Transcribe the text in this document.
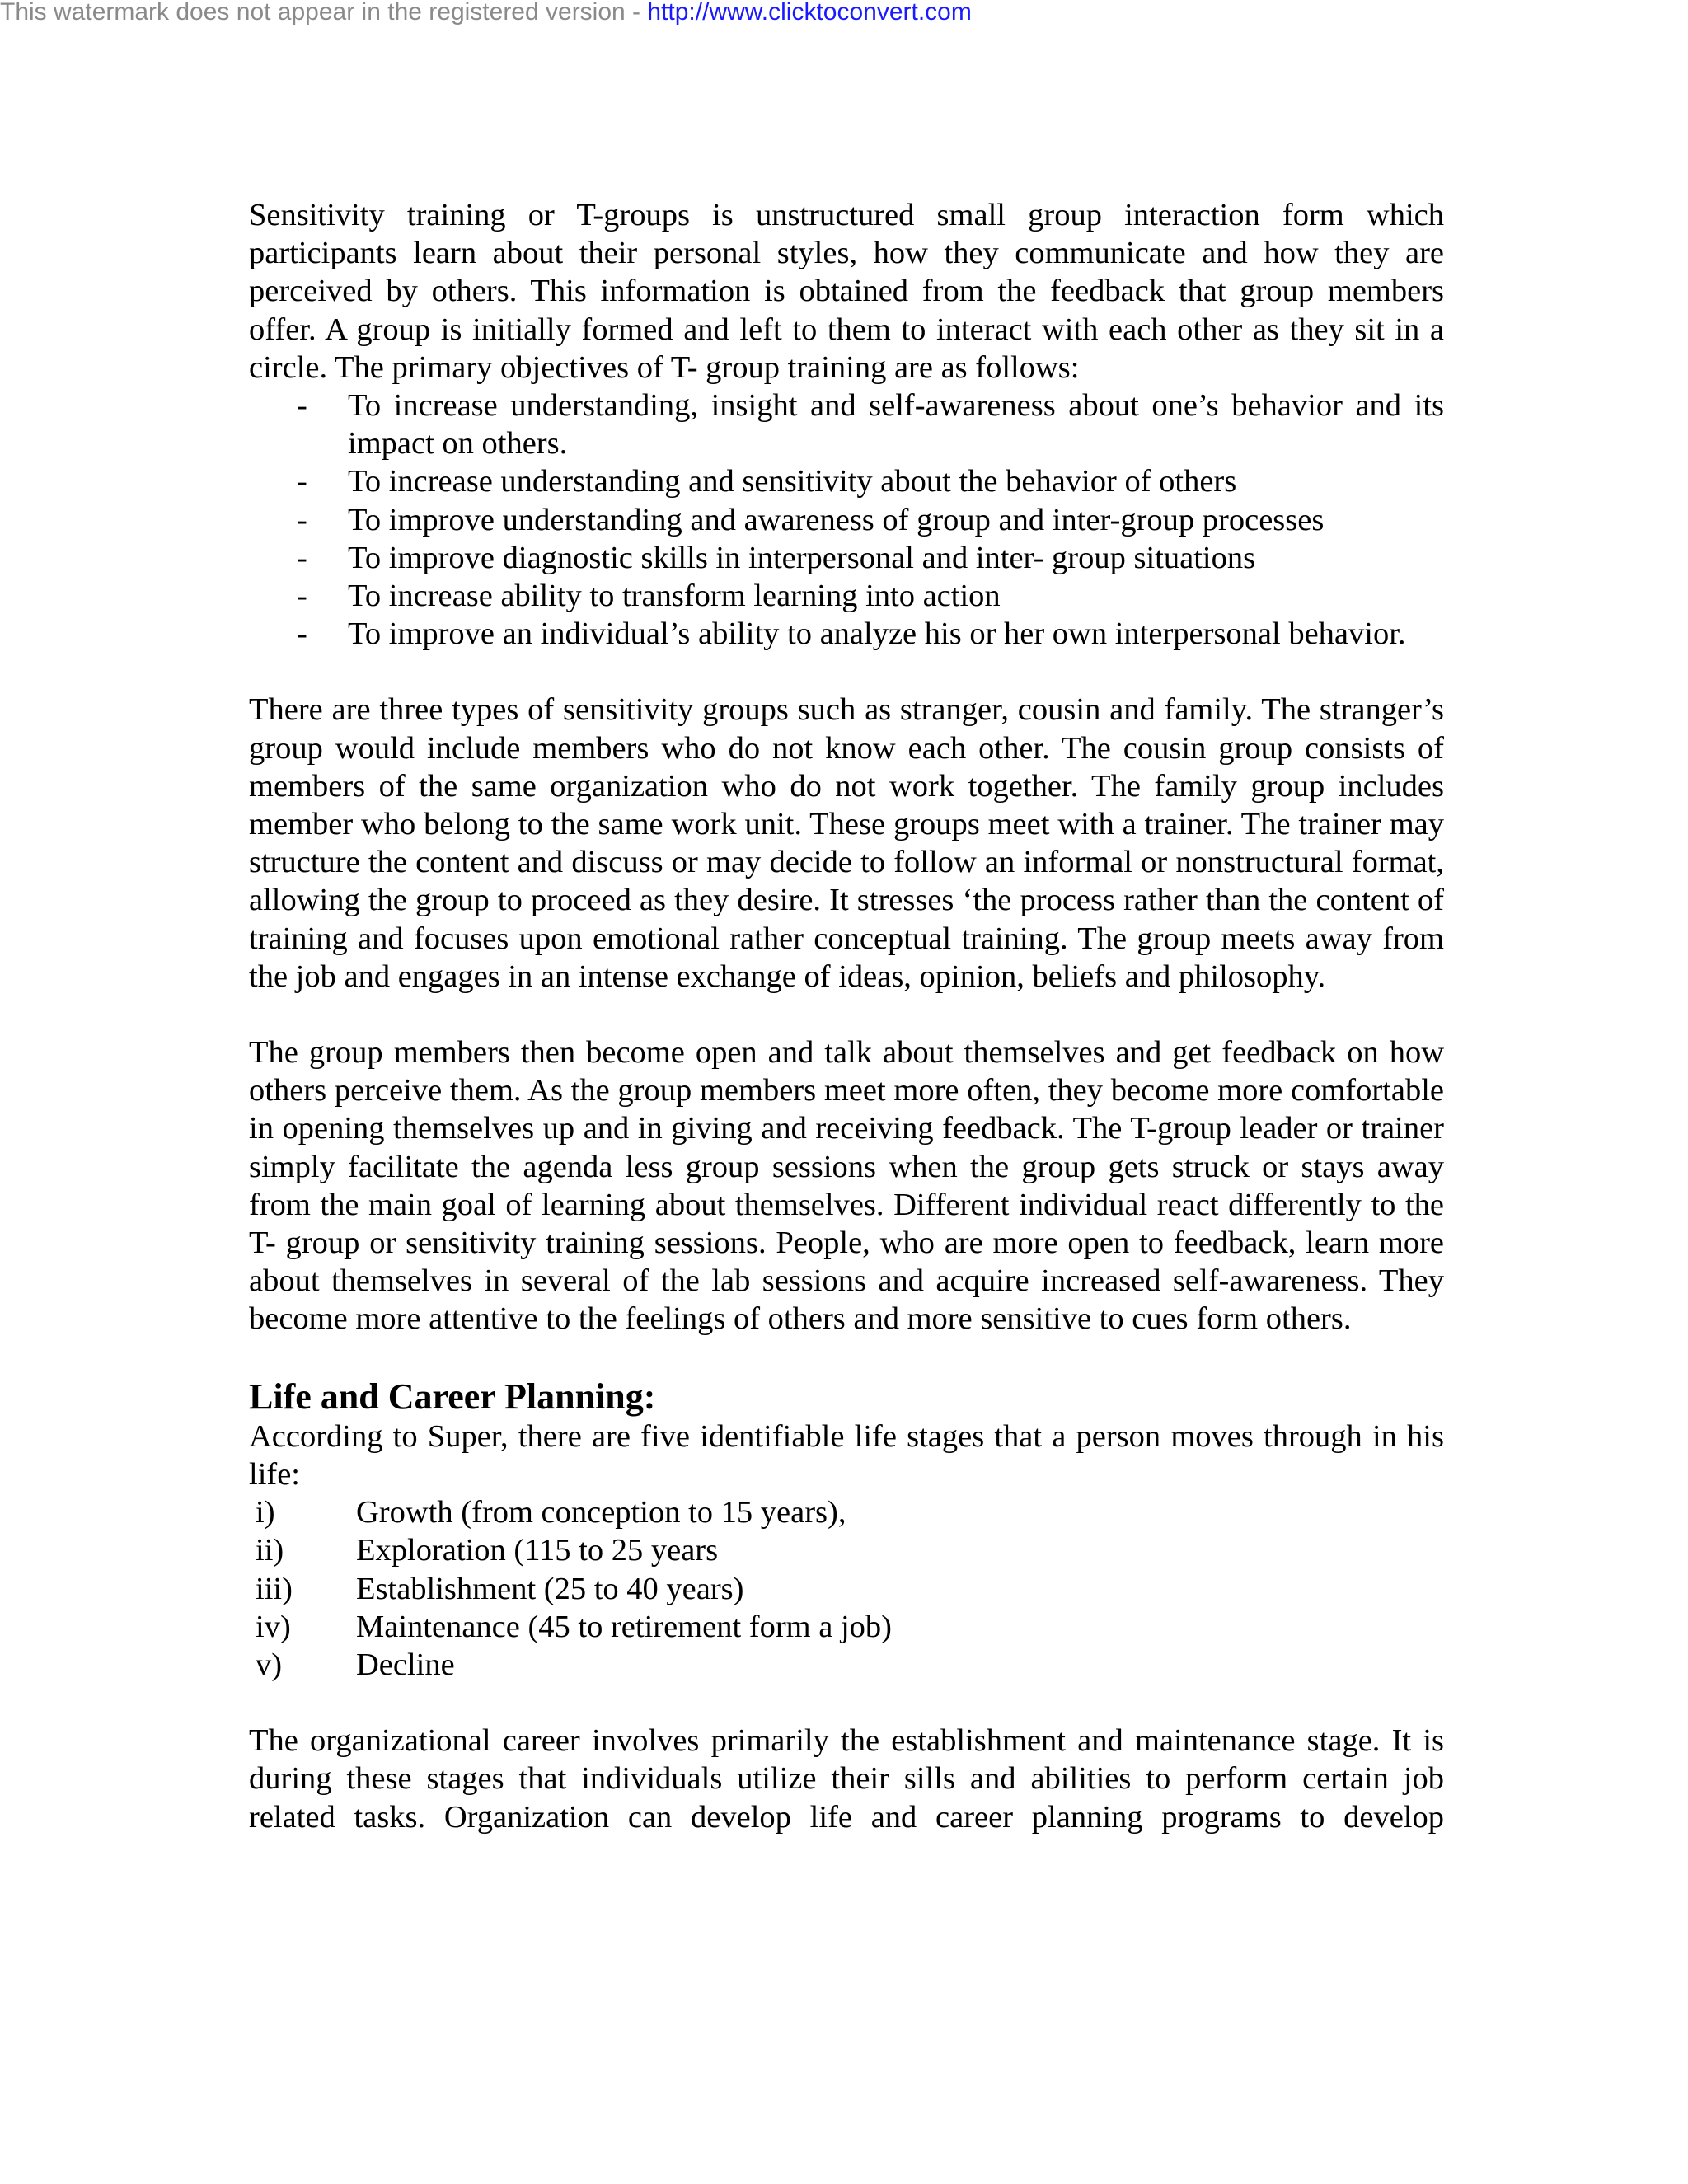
This watermark does not appear in the registered version - http://www.clicktoconvert.com

Sensitivity training or T-groups is unstructured small group interaction form which participants learn about their personal styles, how they communicate and how they are perceived by others. This information is obtained from the feedback that group members offer. A group is initially formed and left to them to interact with each other as they sit in a circle. The primary objectives of T- group training are as follows:

- To increase understanding, insight and self-awareness about one’s behavior and its impact on others.
- To increase understanding and sensitivity about the behavior of others
- To improve understanding and awareness of group and inter-group processes
- To improve diagnostic skills in interpersonal and inter- group situations
- To increase ability to transform learning into action
- To improve an individual’s ability to analyze his or her own interpersonal behavior.

There are three types of sensitivity groups such as stranger, cousin and family. The stranger’s group would include members who do not know each other. The cousin group consists of members of the same organization who do not work together. The family group includes member who belong to the same work unit. These groups meet with a trainer. The trainer may structure the content and discuss or may decide to follow an informal or nonstructural format, allowing the group to proceed as they desire. It stresses ‘the process rather than the content of training and focuses upon emotional rather conceptual training. The group meets away from the job and engages in an intense exchange of ideas, opinion, beliefs and philosophy.

The group members then become open and talk about themselves and get feedback on how others perceive them. As the group members meet more often, they become more comfortable in opening themselves up and in giving and receiving feedback. The T-group leader or trainer simply facilitate the agenda less group sessions when the group gets struck or stays away from the main goal of learning about themselves. Different individual react differently to the T- group or sensitivity training sessions. People, who are more open to feedback, learn more about themselves in several of the lab sessions and acquire increased self-awareness. They become more attentive to the feelings of others and more sensitive to cues form others.

Life and Career Planning:

According to Super, there are five identifiable life stages that a person moves through in his life:

i)	Growth (from conception to 15 years),
ii) Exploration (115 to 25 years
iii) Establishment (25 to 40 years)
iv) Maintenance (45 to retirement form a job)
v) Decline

The organizational career involves primarily the establishment and maintenance stage. It is during these stages that individuals utilize their sills and abilities to perform certain job related tasks. Organization can develop life and career planning programs to develop
